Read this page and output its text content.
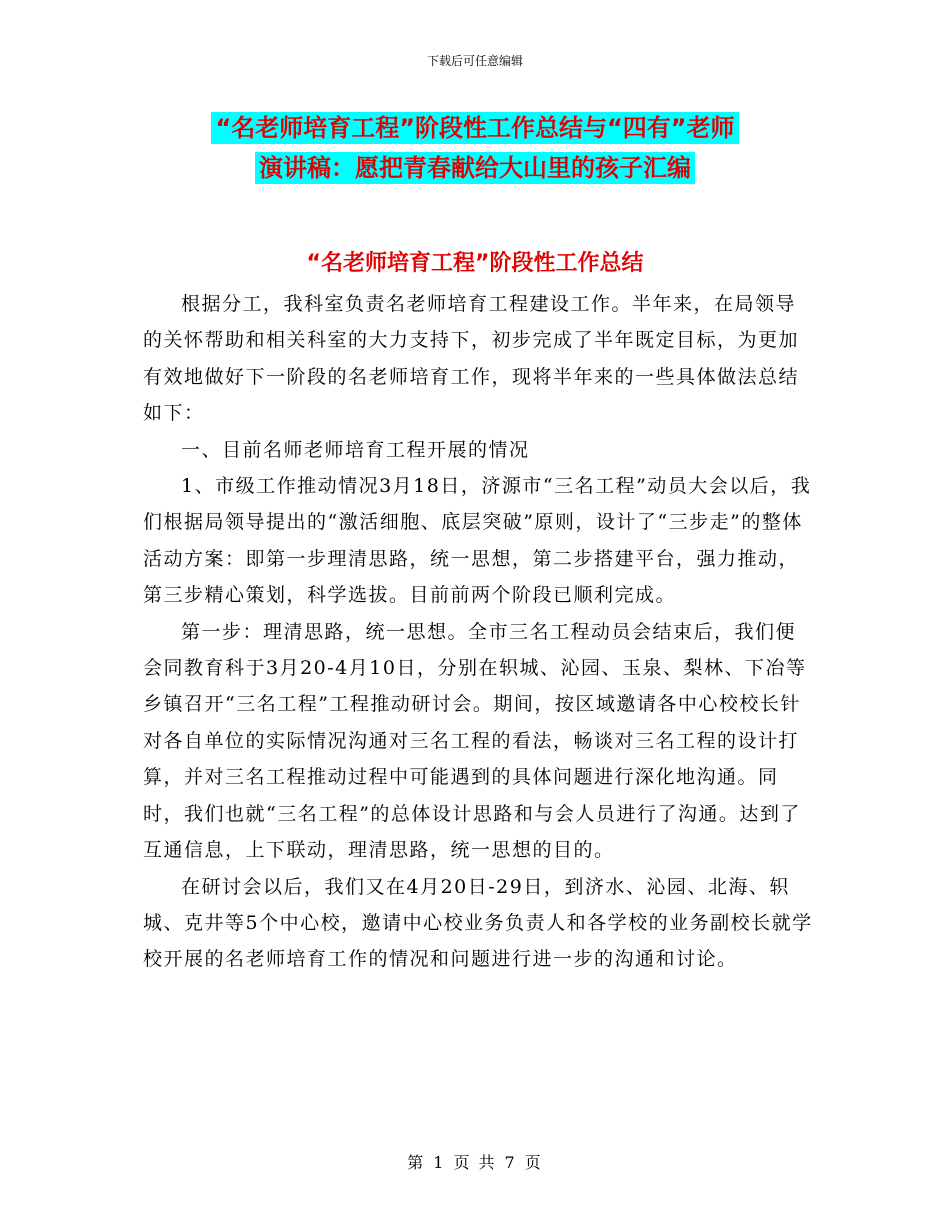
下载后可任意编辑
“名老师培育工程”阶段性工作总结与“四有”老师
演讲稿：愿把青春献给大山里的孩子汇编
“名老师培育工程”阶段性工作总结

根据分工，我科室负责名老师培育工程建设工作。半年来，在局领导的关怀帮助和相关科室的大力支持下，初步完成了半年既定目标，为更加有效地做好下一阶段的名老师培育工作，现将半年来的一些具体做法总结如下：

一、目前名师老师培育工程开展的情况

1、市级工作推动情况3月18日，济源市“三名工程”动员大会以后，我们根据局领导提出的“激活细胞、底层突破”原则，设计了“三步走”的整体活动方案：即第一步理清思路，统一思想，第二步搭建平台，强力推动，第三步精心策划，科学选拔。目前前两个阶段已顺利完成。

第一步：理清思路，统一思想。全市三名工程动员会结束后，我们便会同教育科于3月20-4月10日，分别在轵城、沁园、玉泉、梨林、下冶等乡镇召开“三名工程”工程推动研讨会。期间，按区域邀请各中心校校长针对各自单位的实际情况沟通对三名工程的看法，畅谈对三名工程的设计打算，并对三名工程推动过程中可能遇到的具体问题进行深化地沟通。同时，我们也就“三名工程”的总体设计思路和与会人员进行了沟通。达到了互通信息，上下联动，理清思路，统一思想的目的。

在研讨会以后，我们又在4月20日-29日，到济水、沁园、北海、轵城、克井等5个中心校，邀请中心校业务负责人和各学校的业务副校长就学校开展的名老师培育工作的情况和问题进行进一步的沟通和讨论。

第 1 页 共 7 页
